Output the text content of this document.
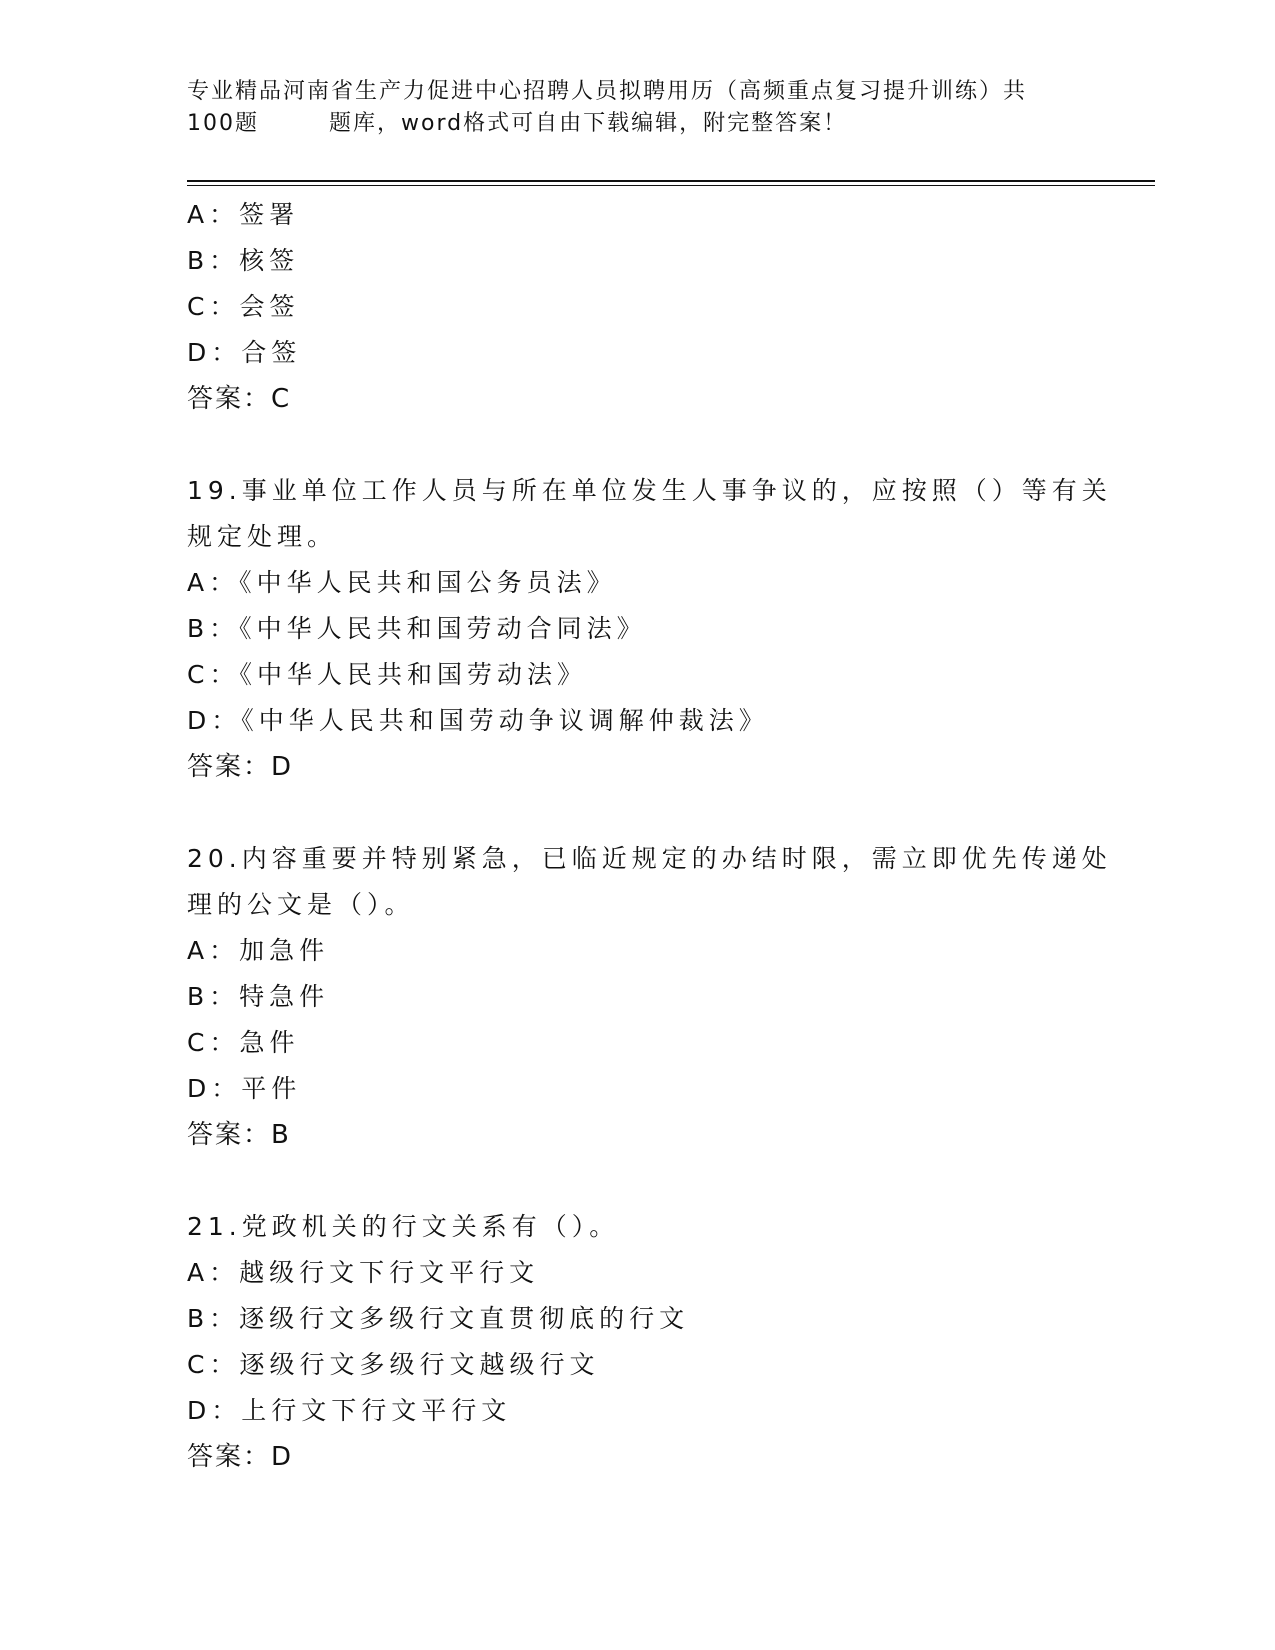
专业精品河南省生产力促进中心招聘人员拟聘用历（高频重点复习提升训练）共
100题	题库，word格式可自由下载编辑，附完整答案！
A：签署
B：核签
C：会签
D：合签
答案：C
19.事业单位工作人员与所在单位发生人事争议的，应按照（）等有关
规定处理。
A：《中华人民共和国公务员法》
B：《中华人民共和国劳动合同法》
C：《中华人民共和国劳动法》
D：《中华人民共和国劳动争议调解仲裁法》
答案：D
20.内容重要并特别紧急，已临近规定的办结时限，需立即优先传递处
理的公文是（）。
A：加急件
B：特急件
C：急件
D：平件
答案：B
21.党政机关的行文关系有（）。
A：越级行文下行文平行文
B：逐级行文多级行文直贯彻底的行文
C：逐级行文多级行文越级行文
D：上行文下行文平行文
答案：D
